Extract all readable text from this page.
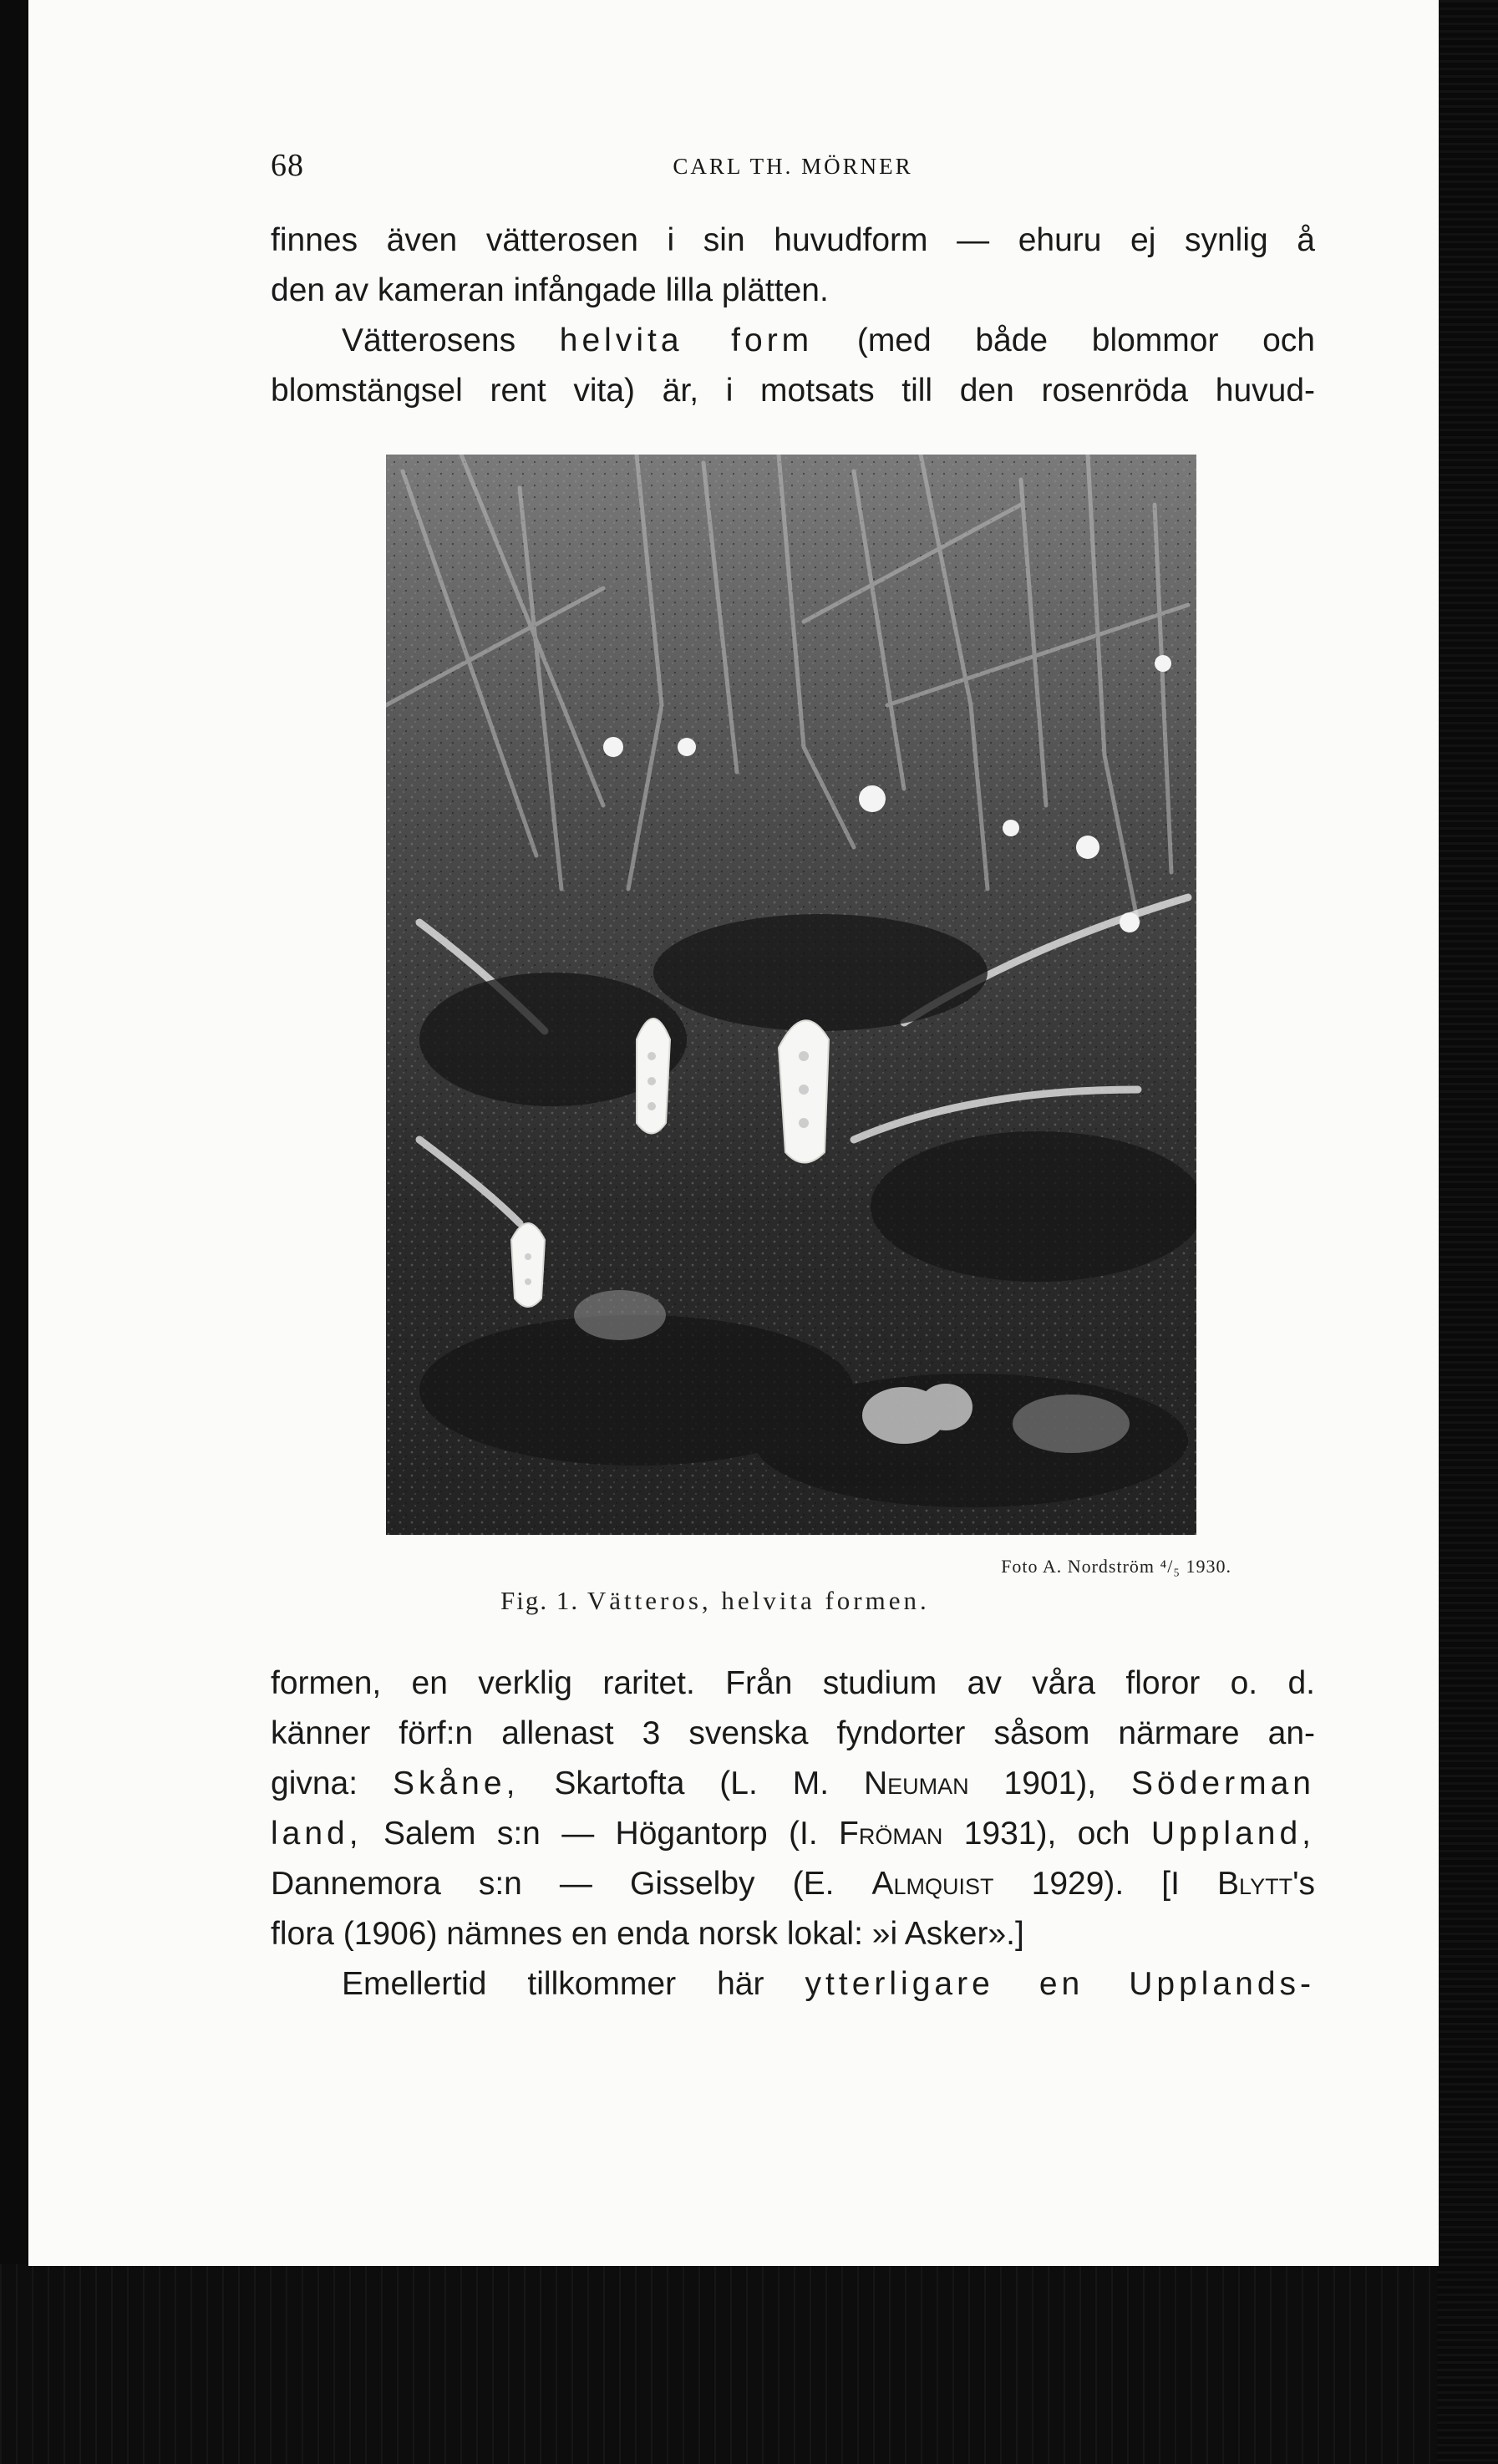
68	CARL TH. MÖRNER
finnes även vätterosen i sin huvudform — ehuru ej synlig å
den av kameran infångade lilla plätten.
Vätterosens helvita form (med både blommor och
blomstängsel rent vita) är, i motsats till den rosenröda huvud-
Foto A. Nordström ⁴/₅ 1930.
Fig. 1. Vätteros, helvita formen.
formen, en verklig raritet. Från studium av våra floror o. d.
känner förf:n allenast 3 svenska fyndorter såsom närmare an-
givna: Skåne, Skartofta (L. M. Neuman 1901), Söderman
land, Salem s:n — Högantorp (I. Fröman 1931), och Uppland,
Dannemora s:n — Gisselby (E. Almquist 1929). [I Blytt's
flora (1906) nämnes en enda norsk lokal: »i Asker».]
Emellertid tillkommer här ytterligare en Upplands-
